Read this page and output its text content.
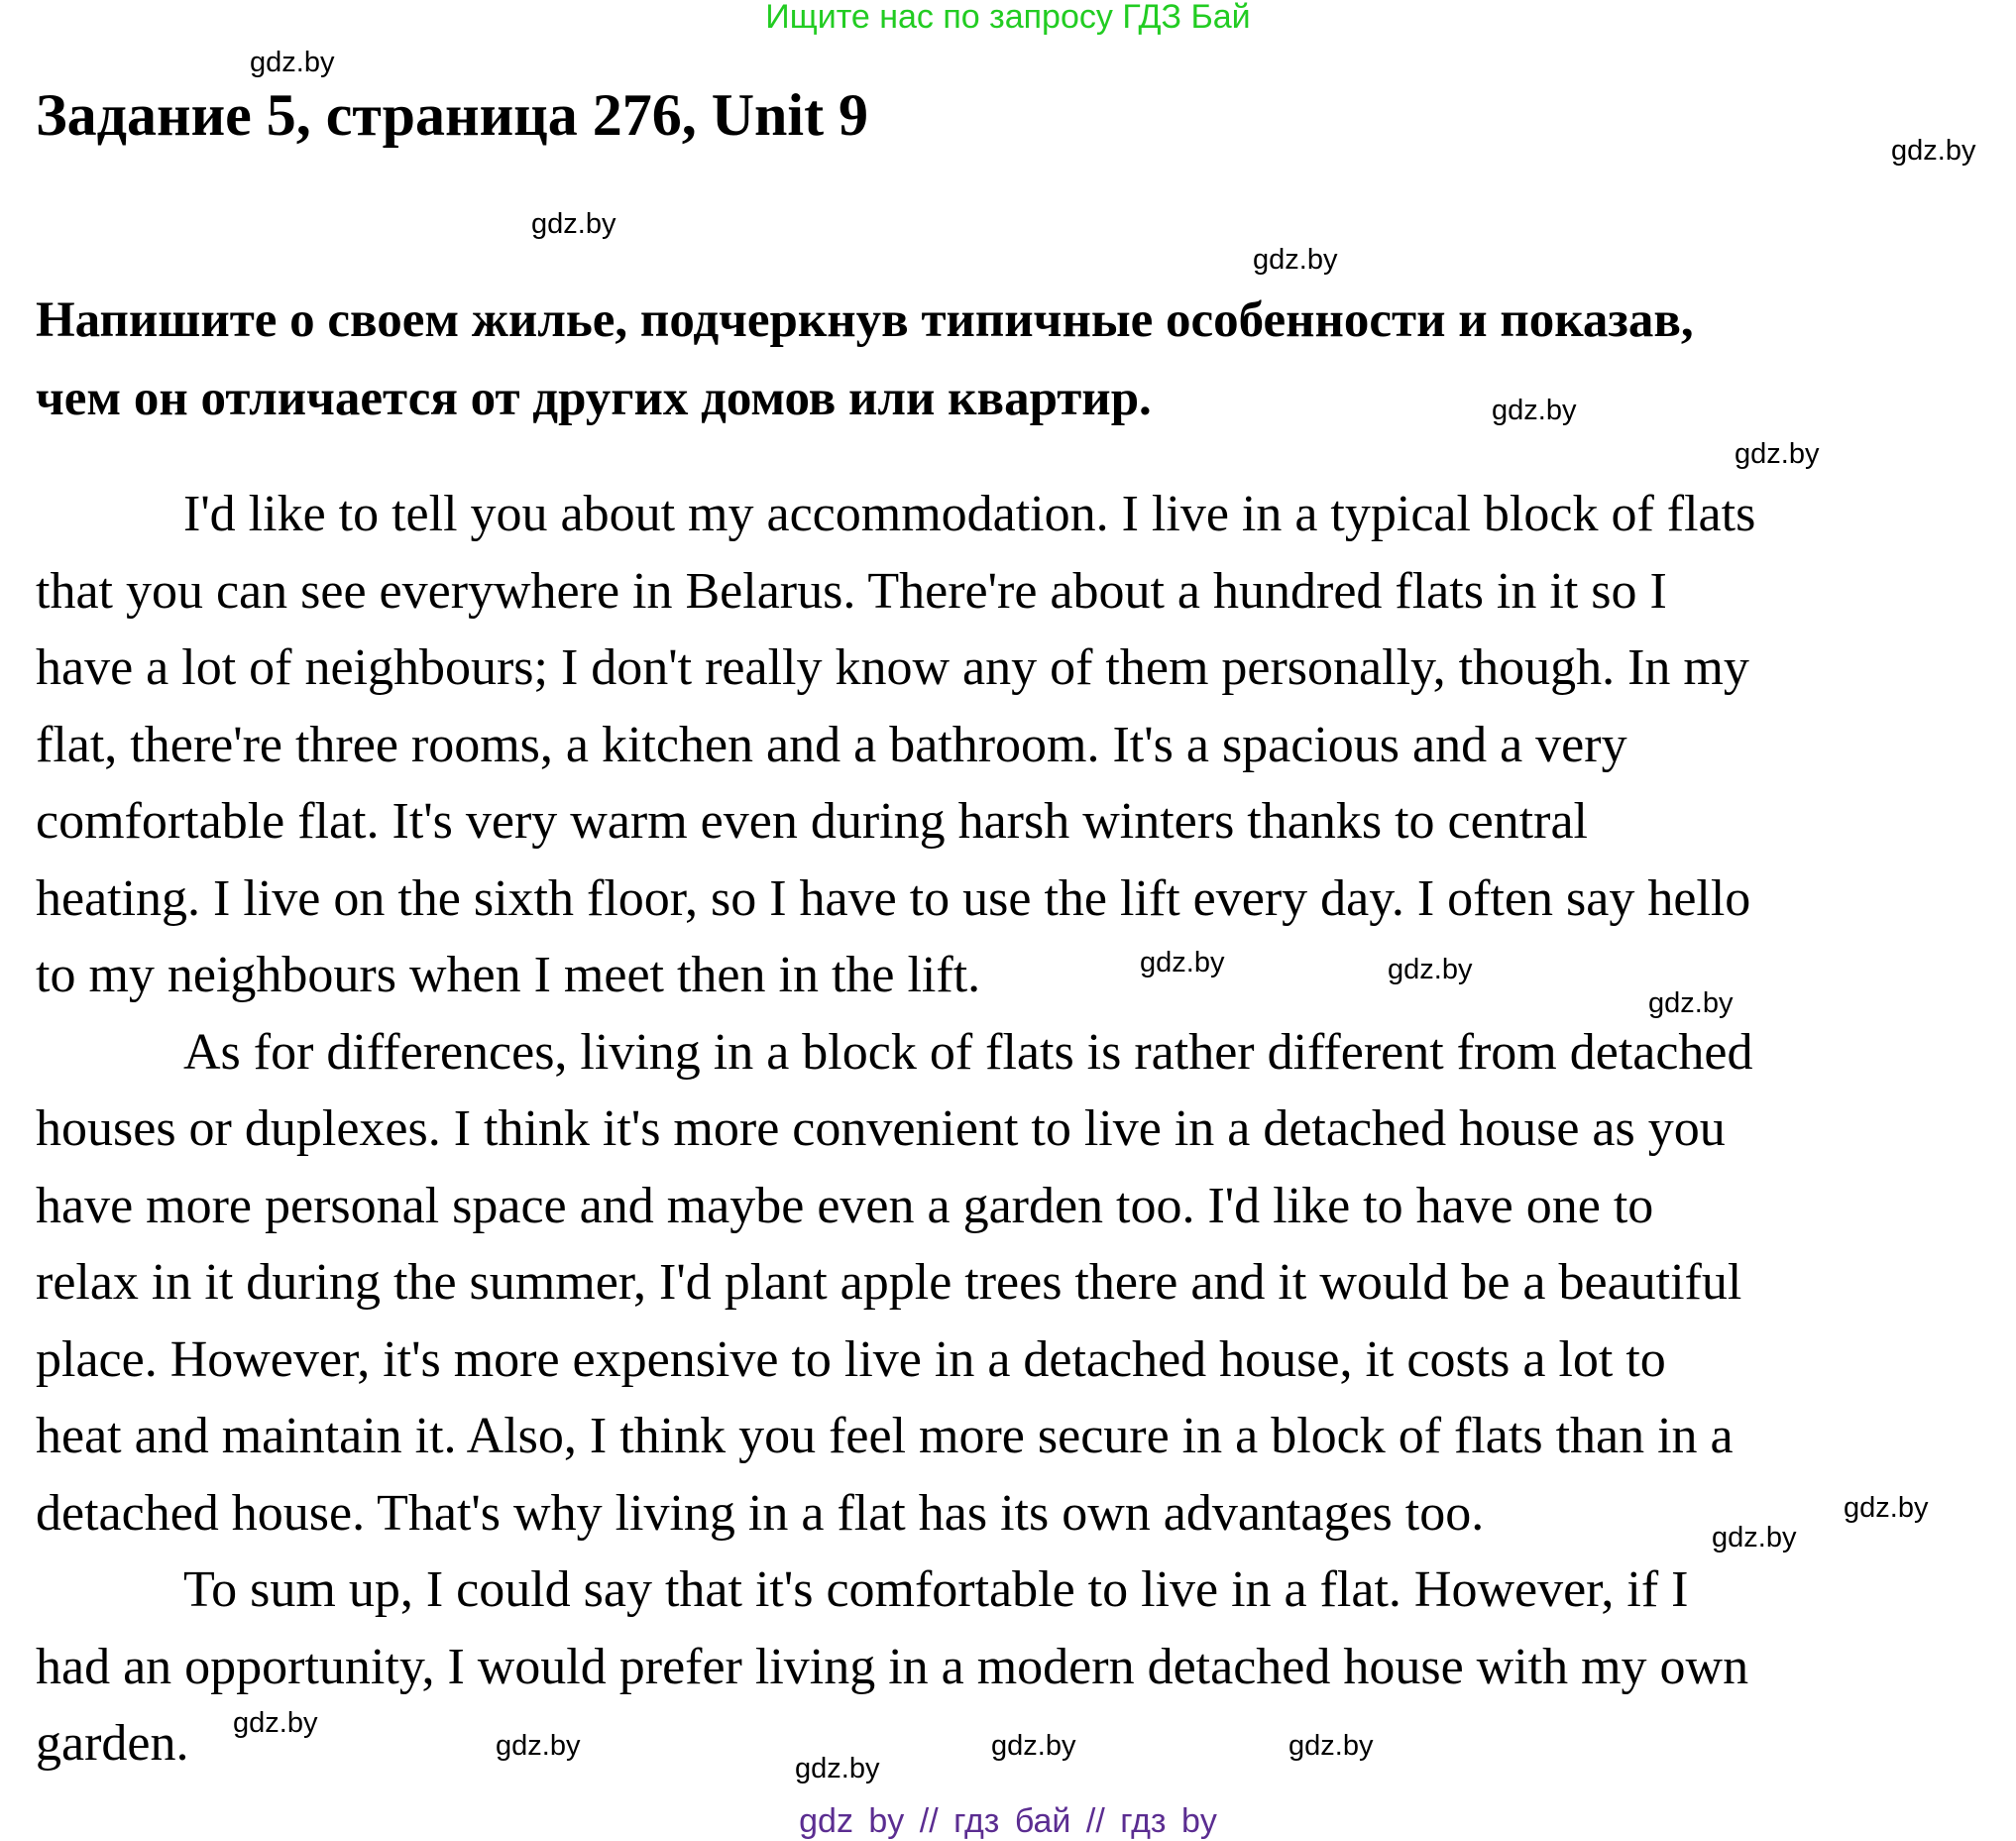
Ищите нас по запросу ГДЗ Бай
Задание 5, страница 276, Unit 9
Напишите о своем жилье, подчеркнув типичные особенности и показав,
чем он отличается от других домов или квартир.
I'd like to tell you about my accommodation. I live in a typical block of flats
that you can see everywhere in Belarus. There're about a hundred flats in it so I
have a lot of neighbours; I don't really know any of them personally, though. In my
flat, there're three rooms, a kitchen and a bathroom. It's a spacious and a very
comfortable flat. It's very warm even during harsh winters thanks to central
heating. I live on the sixth floor, so I have to use the lift every day. I often say hello
to my neighbours when I meet then in the lift.
As for differences, living in a block of flats is rather different from detached
houses or duplexes. I think it's more convenient to live in a detached house as you
have more personal space and maybe even a garden too. I'd like to have one to
relax in it during the summer, I'd plant apple trees there and it would be a beautiful
place. However, it's more expensive to live in a detached house, it costs a lot to
heat and maintain it. Also, I think you feel more secure in a block of flats than in a
detached house. That's why living in a flat has its own advantages too.
To sum up, I could say that it's comfortable to live in a flat. However, if I
had an opportunity, I would prefer living in a modern detached house with my own
garden.
gdz.by
gdz.by
gdz.by
gdz.by
gdz.by
gdz.by
gdz.by
gdz.by
gdz.by
gdz.by
gdz.by
gdz.by	gdz.by
gdz.by
gdz.by
gdz.by
gdz by // гдз бай // гдз by
